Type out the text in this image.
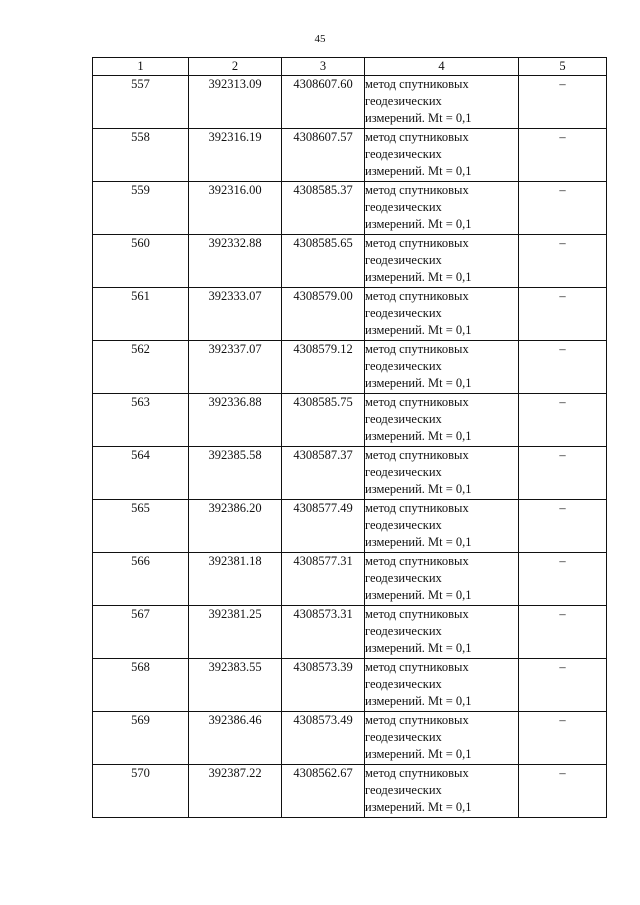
45
1	2	3	4	5
557	392313.09	4308607.60	метод спутниковых
геодезических
измерений. Mt = 0,1	–
558	392316.19	4308607.57	метод спутниковых
геодезических
измерений. Mt = 0,1	–
559	392316.00	4308585.37	метод спутниковых
геодезических
измерений. Mt = 0,1	–
560	392332.88	4308585.65	метод спутниковых
геодезических
измерений. Mt = 0,1	–
561	392333.07	4308579.00	метод спутниковых
геодезических
измерений. Mt = 0,1	–
562	392337.07	4308579.12	метод спутниковых
геодезических
измерений. Mt = 0,1	–
563	392336.88	4308585.75	метод спутниковых
геодезических
измерений. Mt = 0,1	–
564	392385.58	4308587.37	метод спутниковых
геодезических
измерений. Mt = 0,1	–
565	392386.20	4308577.49	метод спутниковых
геодезических
измерений. Mt = 0,1	–
566	392381.18	4308577.31	метод спутниковых
геодезических
измерений. Mt = 0,1	–
567	392381.25	4308573.31	метод спутниковых
геодезических
измерений. Mt = 0,1	–
568	392383.55	4308573.39	метод спутниковых
геодезических
измерений. Mt = 0,1	–
569	392386.46	4308573.49	метод спутниковых
геодезических
измерений. Mt = 0,1	–
570	392387.22	4308562.67	метод спутниковых
геодезических
измерений. Mt = 0,1	–
